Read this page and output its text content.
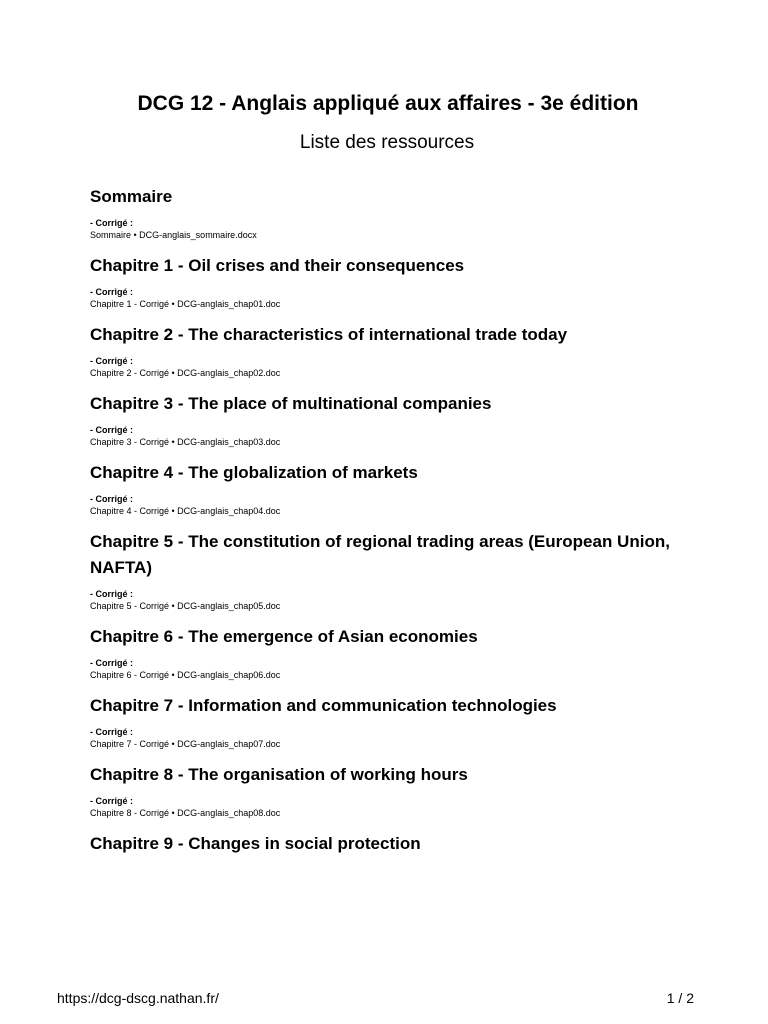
DCG 12 - Anglais appliqué aux affaires - 3e édition
Liste des ressources
Sommaire
- Corrigé :
Sommaire • DCG-anglais_sommaire.docx
Chapitre 1 - Oil crises and their consequences
- Corrigé :
Chapitre 1 - Corrigé • DCG-anglais_chap01.doc
Chapitre 2 - The characteristics of international trade today
- Corrigé :
Chapitre 2 - Corrigé • DCG-anglais_chap02.doc
Chapitre 3 - The place of multinational companies
- Corrigé :
Chapitre 3 - Corrigé • DCG-anglais_chap03.doc
Chapitre 4 - The globalization of markets
- Corrigé :
Chapitre 4 - Corrigé • DCG-anglais_chap04.doc
Chapitre 5 - The constitution of regional trading areas (European Union, NAFTA)
- Corrigé :
Chapitre 5 - Corrigé • DCG-anglais_chap05.doc
Chapitre 6 - The emergence of Asian economies
- Corrigé :
Chapitre 6 - Corrigé • DCG-anglais_chap06.doc
Chapitre 7 - Information and communication technologies
- Corrigé :
Chapitre 7 - Corrigé • DCG-anglais_chap07.doc
Chapitre 8 - The organisation of working hours
- Corrigé :
Chapitre 8 - Corrigé • DCG-anglais_chap08.doc
Chapitre 9 - Changes in social protection
https://dcg-dscg.nathan.fr/	1 / 2
